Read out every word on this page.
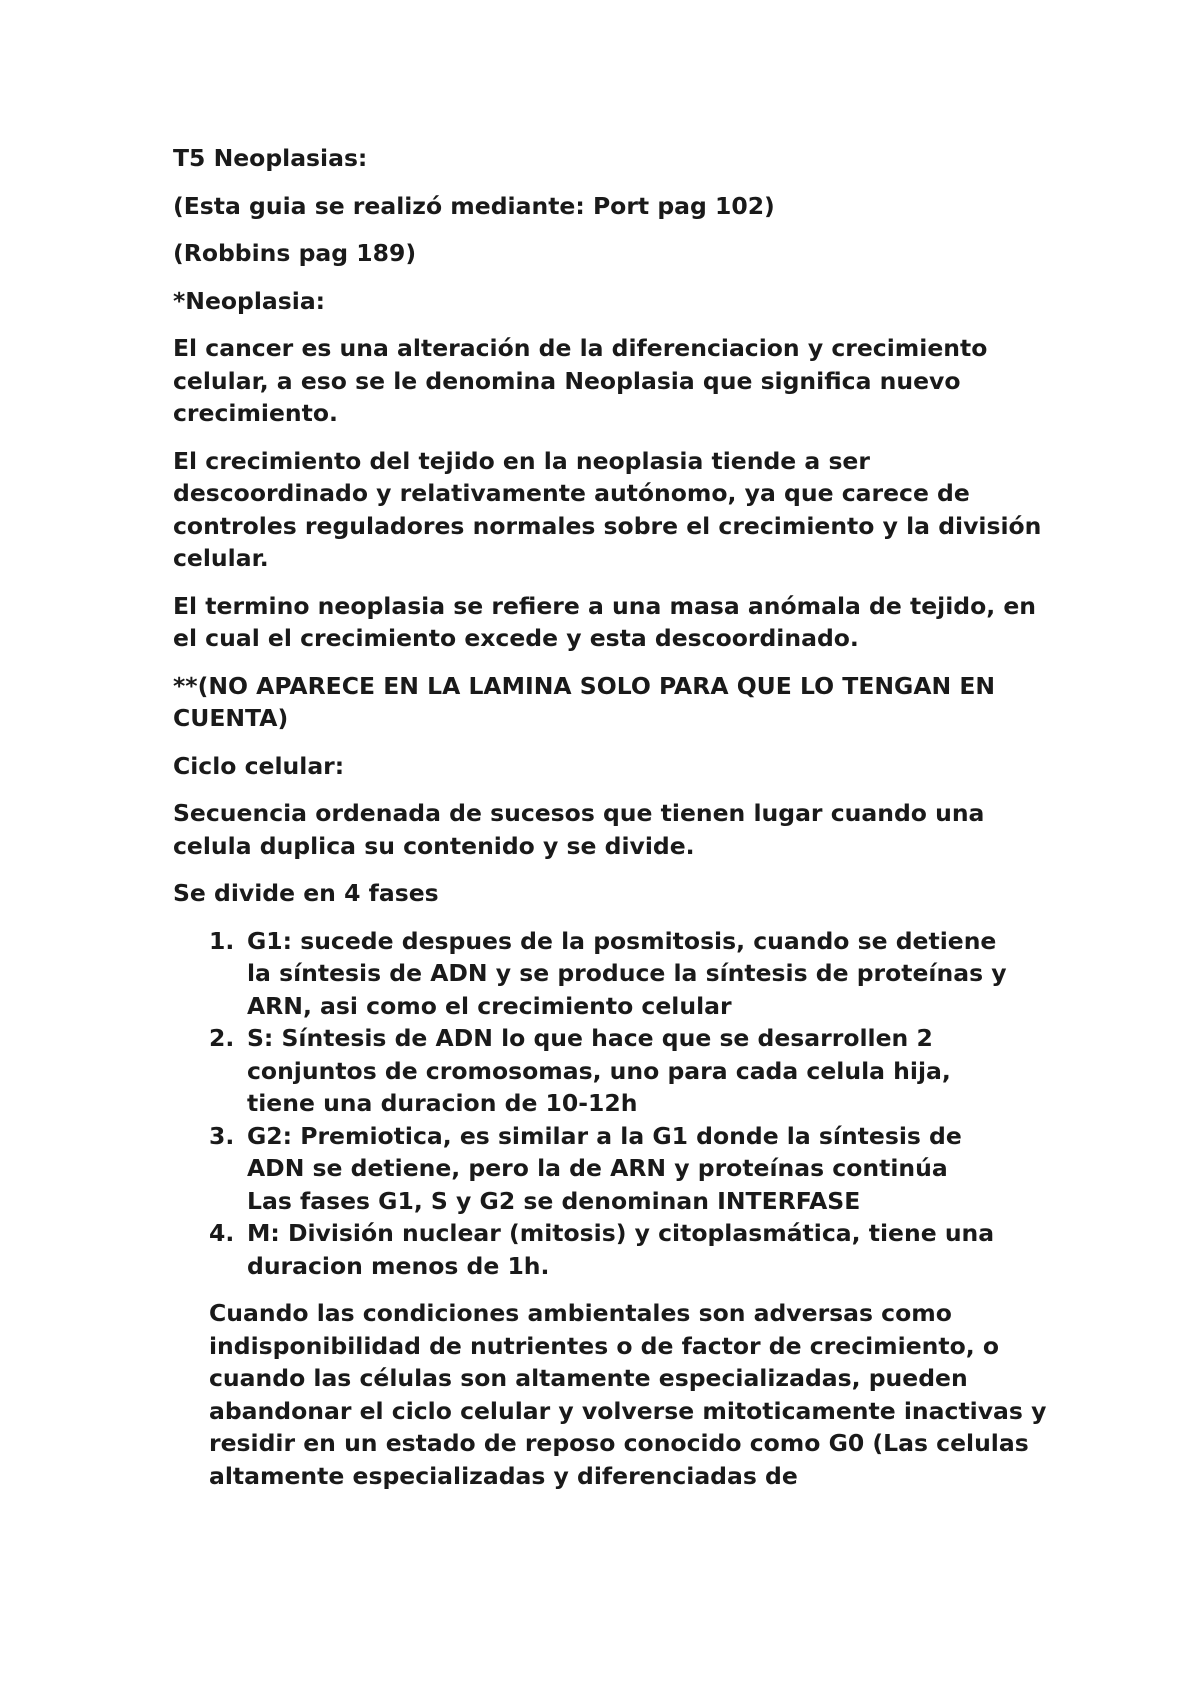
T5 Neoplasias:

(Esta guia se realizó mediante: Port pag 102)

(Robbins pag 189)

*Neoplasia:

El cancer es una alteración de la diferenciacion y crecimiento celular, a eso se le denomina Neoplasia que significa nuevo crecimiento.

El crecimiento del tejido en la neoplasia tiende a ser descoordinado y relativamente autónomo, ya que carece de controles reguladores normales sobre el crecimiento y la división celular.

El termino neoplasia se refiere a una masa anómala de tejido, en el cual el crecimiento excede y esta descoordinado.

**(NO APARECE EN LA LAMINA SOLO PARA QUE LO TENGAN EN CUENTA)

Ciclo celular:

Secuencia ordenada de sucesos que tienen lugar cuando una celula duplica su contenido y se divide.

Se divide en 4 fases

1. G1: sucede despues de la posmitosis, cuando se detiene
la síntesis de ADN y se produce la síntesis de proteínas y
ARN, asi como el crecimiento celular
2. S: Síntesis de ADN lo que hace que se desarrollen 2
conjuntos de cromosomas, uno para cada celula hija,
tiene una duracion de 10-12h
3. G2: Premiotica, es similar a la G1 donde la síntesis de
ADN se detiene, pero la de ARN y proteínas continúa
Las fases G1, S y G2 se denominan INTERFASE
4. M: División nuclear (mitosis) y citoplasmática, tiene una
duracion menos de 1h.

Cuando las condiciones ambientales son adversas como indisponibilidad de nutrientes o de factor de crecimiento, o cuando las células son altamente especializadas, pueden abandonar el ciclo celular y volverse mitoticamente inactivas y residir en un estado de reposo conocido como G0 (Las celulas altamente especializadas y diferenciadas de
